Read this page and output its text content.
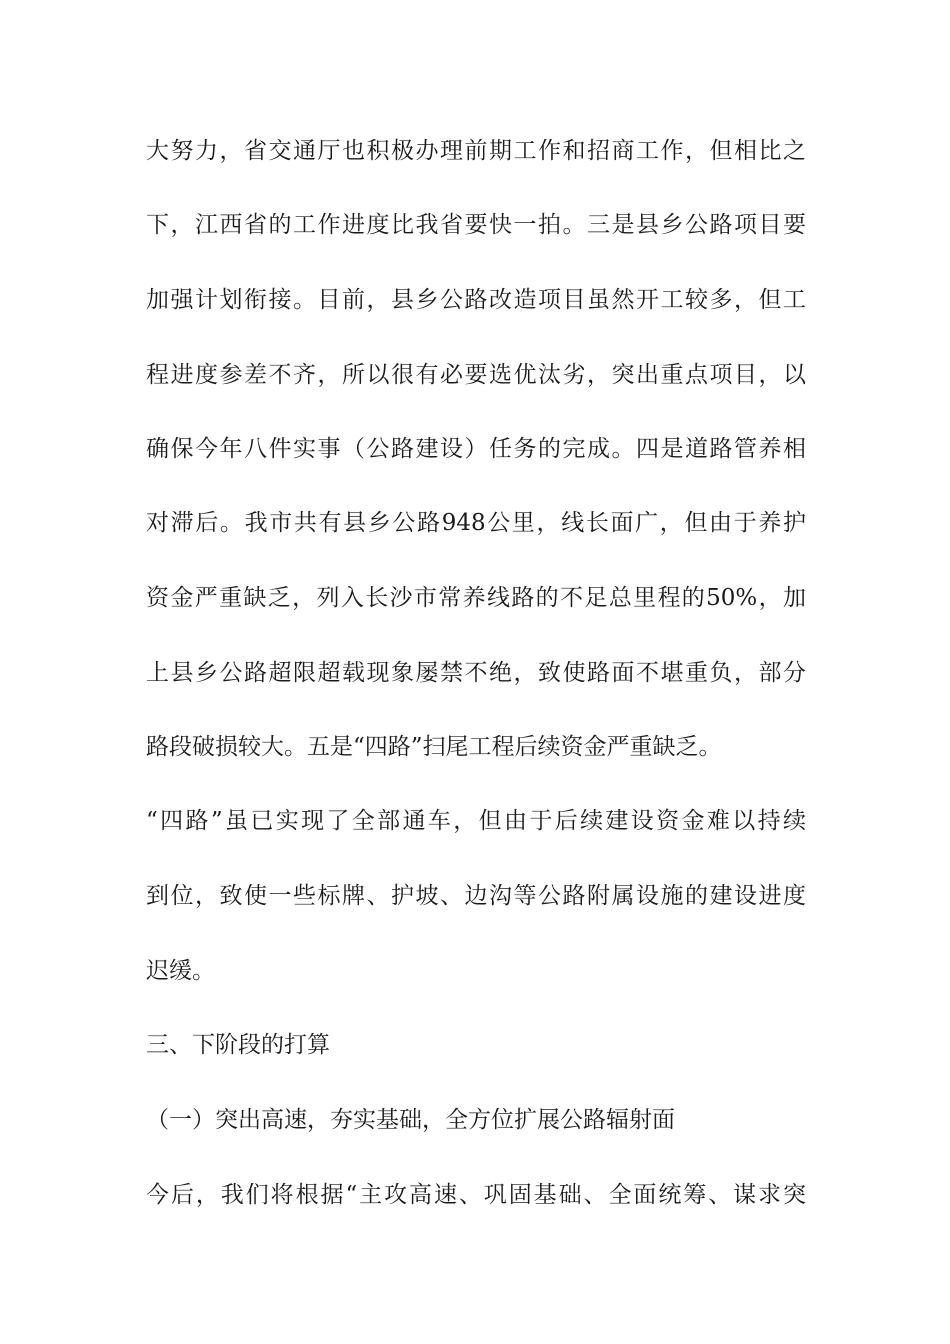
大努力，省交通厅也积极办理前期工作和招商工作，但相比之
下，江西省的工作进度比我省要快一拍。三是县乡公路项目要
加强计划衔接。目前，县乡公路改造项目虽然开工较多，但工
程进度参差不齐，所以很有必要选优汰劣，突出重点项目，以
确保今年八件实事（公路建设）任务的完成。四是道路管养相
对滞后。我市共有县乡公路948公里，线长面广，但由于养护
资金严重缺乏，列入长沙市常养线路的不足总里程的50%，加
上县乡公路超限超载现象屡禁不绝，致使路面不堪重负，部分
路段破损较大。五是“四路”扫尾工程后续资金严重缺乏。
“四路”虽已实现了全部通车，但由于后续建设资金难以持续
到位，致使一些标牌、护坡、边沟等公路附属设施的建设进度
迟缓。
三、下阶段的打算
（一）突出高速，夯实基础，全方位扩展公路辐射面
今后，我们将根据“主攻高速、巩固基础、全面统筹、谋求突
